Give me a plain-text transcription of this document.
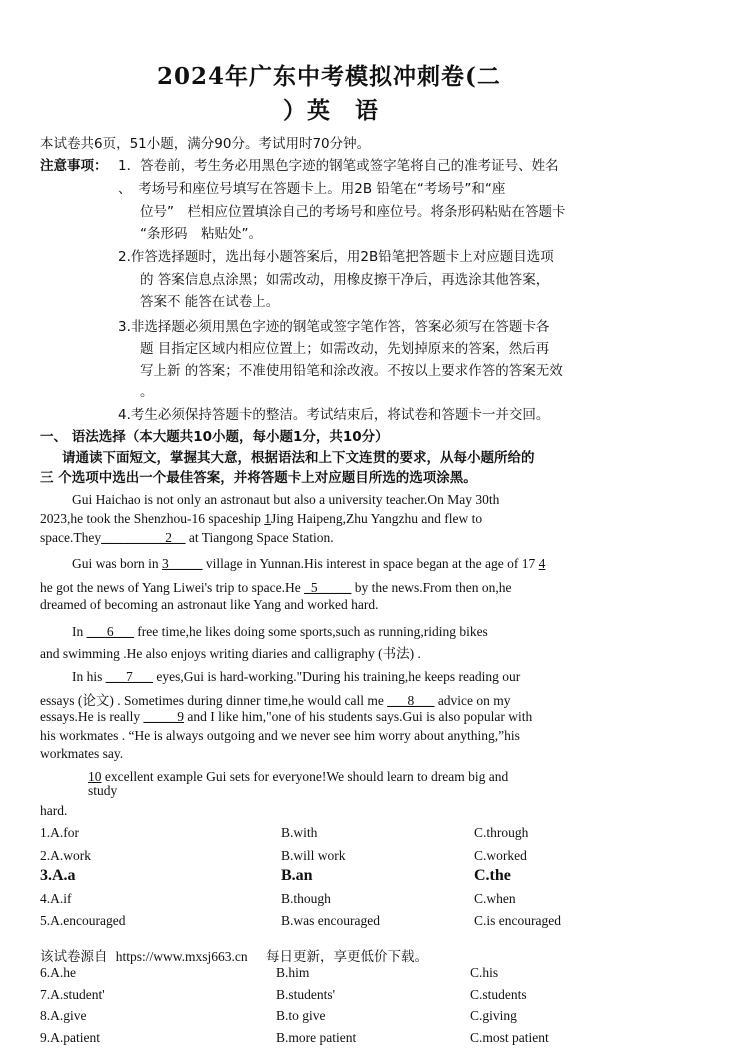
2024年广东中考模拟冲刺卷(二
）英　语
本试卷共6页，51小题，满分90分。考试用时70分钟。
注意事项： 1．答卷前，考生务必用黑色字迹的钢笔或签字笔将自己的准考证号、姓名
、　考场号和座位号填写在答题卡上。用2B 铅笔在“考场号”和“座
位号”　栏相应位置填涂自己的考场号和座位号。将条形码粘贴在答题卡
“条形码　粘贴处”。
2.作答选择题时，选出每小题答案后，用2B铅笔把答题卡上对应题目选项
的 答案信息点涂黑；如需改动，用橡皮擦干净后，再选涂其他答案，
答案不 能答在试卷上。
3.非选择题必须用黑色字迹的钢笔或签字笔作答，答案必须写在答题卡各
题 目指定区域内相应位置上；如需改动，先划掉原来的答案，然后再
写上新 的答案；不准使用铅笔和涂改液。不按以上要求作答的答案无效
。
4.考生必须保持答题卡的整洁。考试结束后，将试卷和答题卡一并交回。
一、 语法选择（本大题共10小题，每小题1分，共10分）
请通读下面短文，掌握其大意，根据语法和上下文连贯的要求，从每小题所给的
三 个选项中选出一个最佳答案，并将答题卡上对应题目所选的选项涂黑。
Gui Haichao is not only an astronaut but also a university teacher.On May 30th
2023,he took the Shenzhou-16 spaceship 1Jing Haipeng,Zhu Yangzhu and flew to
space.They___ ______2__ at Tiangong Space Station.
Gui was born in 3_____ village in Yunnan.His interest in space began at the age of 17 4
he got the news of Yang Liwei's trip to space.He _5_____ by the news.From then on,he
dreamed of becoming an astronaut like Yang and worked hard.
In ___6___ free time,he likes doing some sports,such as running,riding bikes
and swimming .He also enjoys writing diaries and calligraphy (书法) .
In his ___7___ eyes,Gui is hard-working."During his training,he keeps reading our
essays (论文) . Sometimes during dinner time,he would call me ___8___ advice on my
essays.He is really _____9 and I like him,"one of his students says.Gui is also popular with
his workmates . “He is always outgoing and we never see him worry about anything,”his
workmates say.
10 excellent example Gui sets for everyone!We should learn to dream big and
study
hard.
1.A.for	B.with	C.through
2.A.work	B.will work	C.worked
3.A.a	B.an	C.the
4.A.if	B.though	C.when
5.A.encouraged	B.was encouraged	C.is encouraged
该试卷源自 https://www.mxsj663.cn 每日更新，享更低价下载。
6.A.he	B.him	C.his
7.A.student'	B.students'	C.students
8.A.give	B.to give	C.giving
9.A.patient	B.more patient	C.most patient
